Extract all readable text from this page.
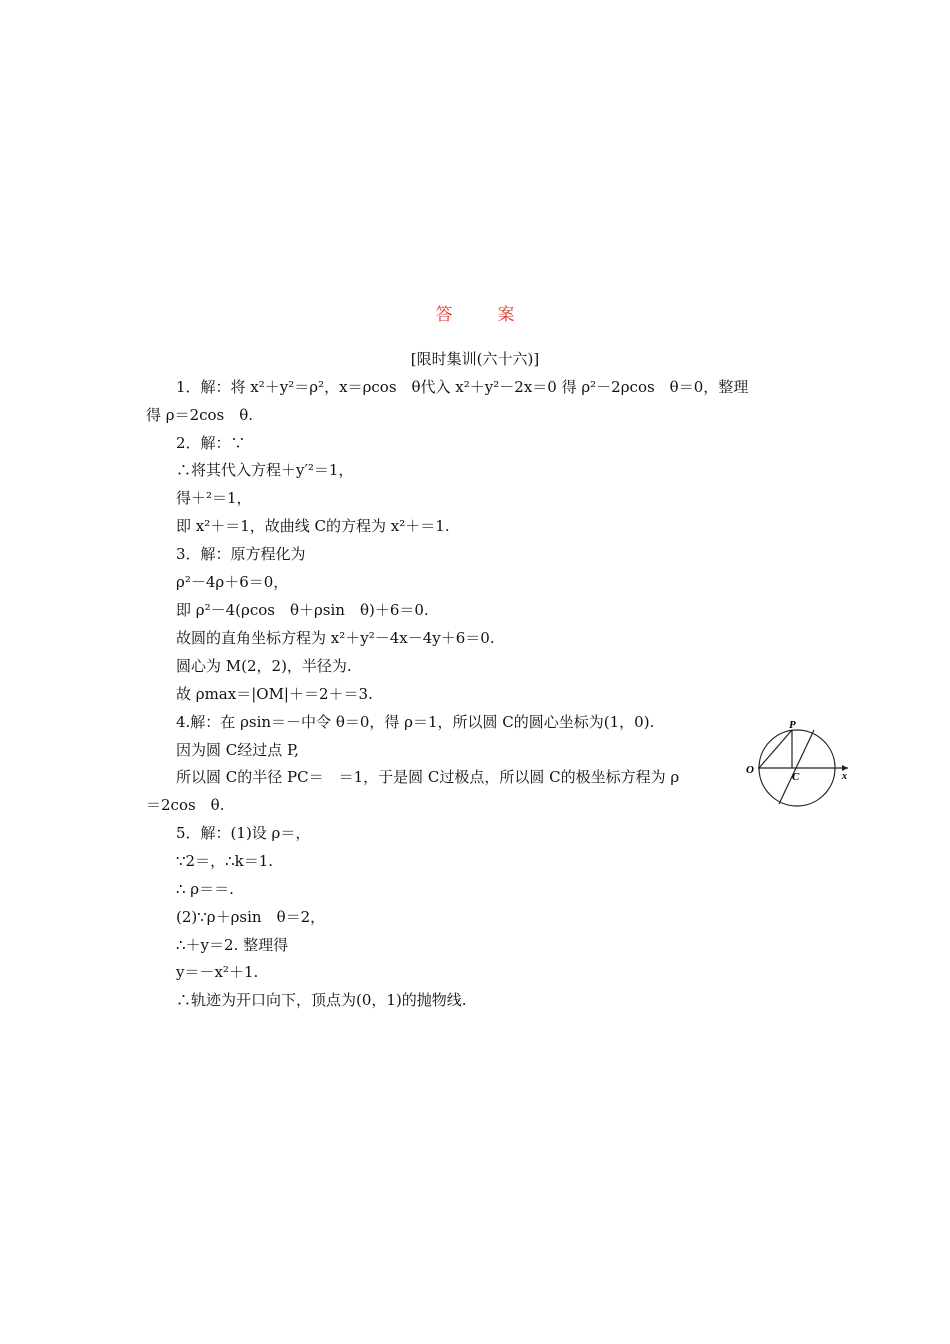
答　案
[限时集训(六十六)]
1．解：将 x²＋y²＝ρ²，x＝ρcos　θ代入 x²＋y²－2x＝0 得 ρ²－2ρcos　θ＝0，整理
得 ρ＝2cos　θ.
2．解：∵
∴将其代入方程＋y′²＝1，
得＋²＝1，
即 x²＋＝1，故曲线 C的方程为 x²＋＝1.
3．解：原方程化为
ρ²－4ρ＋6＝0，
即 ρ²－4(ρcos　θ＋ρsin　θ)＋6＝0.
故圆的直角坐标方程为 x²＋y²－4x－4y＋6＝0.
圆心为 M(2，2)，半径为.
故 ρmax＝|OM|＋＝2＋＝3.
4.解：在 ρsin＝－中令 θ＝0，得 ρ＝1，所以圆 C的圆心坐标为(1，0).
因为圆 C经过点 P,
所以圆 C的半径 PC＝　＝1，于是圆 C过极点，所以圆 C的极坐标方程为 ρ
＝2cos　θ.
5．解：(1)设 ρ＝，
∵2＝，∴k＝1.
∴ ρ＝＝.
(2)∵ρ＋ρsin　θ＝2，
∴＋y＝2. 整理得
y＝－x²＋1.
∴轨迹为开口向下，顶点为(0，1)的抛物线.
P
O
C	x
